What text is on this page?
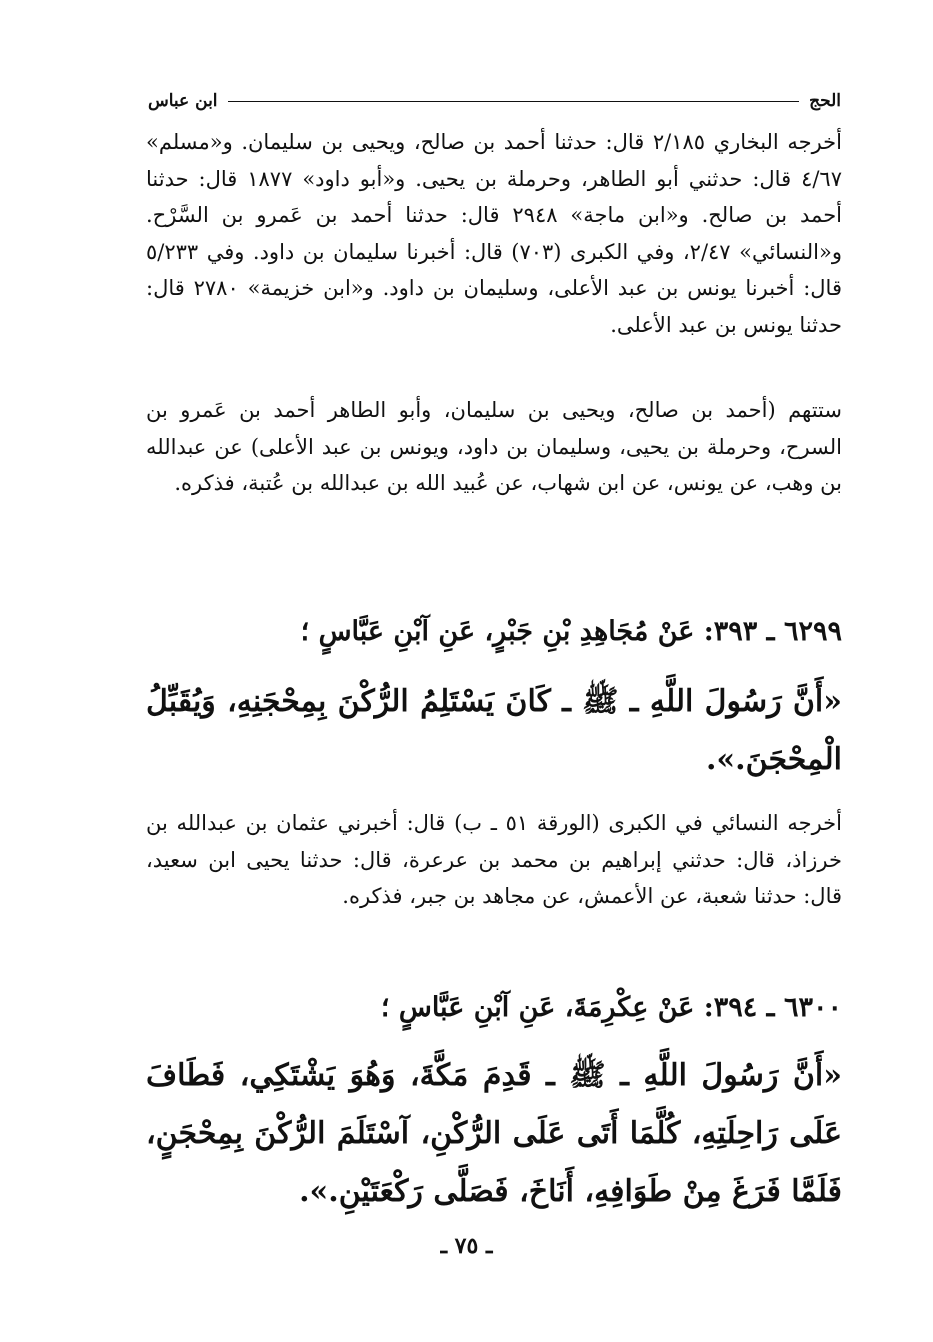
الحج
ابن عباس

أخرجه البخاري ٢/١٨٥ قال: حدثنا أحمد بن صالح، ويحيى بن سليمان. و«مسلم» ٤/٦٧ قال: حدثني أبو الطاهر، وحرملة بن يحيى. و«أبو داود» ١٨٧٧ قال: حدثنا أحمد بن صالح. و«ابن ماجة» ٢٩٤٨ قال: حدثنا أحمد بن عَمرو بن السَّرْح. و«النسائي» ٢/٤٧، وفي الكبرى (٧٠٣) قال: أخبرنا سليمان بن داود. وفي ٥/٢٣٣ قال: أخبرنا يونس بن عبد الأعلى، وسليمان بن داود. و«ابن خزيمة» ٢٧٨٠ قال: حدثنا يونس بن عبد الأعلى.

ستتهم (أحمد بن صالح، ويحيى بن سليمان، وأبو الطاهر أحمد بن عَمرو بن السرح، وحرملة بن يحيى، وسليمان بن داود، ويونس بن عبد الأعلى) عن عبدالله بن وهب، عن يونس، عن ابن شهاب، عن عُبيد الله بن عبدالله بن عُتبة، فذكره.

٦٢٩٩ ـ ٣٩٣: عَنْ مُجَاهِدِ بْنِ جَبْرٍ، عَنِ آبْنِ عَبَّاسٍ ؛

«أَنَّ رَسُولَ اللَّهِ ـ ﷺ ـ كَانَ يَسْتَلِمُ الرُّكْنَ بِمِحْجَنِهِ، وَيُقَبِّلُ الْمِحْجَنَ.».

أخرجه النسائي في الكبرى (الورقة ٥١ ـ ب) قال: أخبرني عثمان بن عبدالله بن خرزاذ، قال: حدثني إبراهيم بن محمد بن عرعرة، قال: حدثنا يحيى ابن سعيد، قال: حدثنا شعبة، عن الأعمش، عن مجاهد بن جبر، فذكره.

٦٣٠٠ ـ ٣٩٤: عَنْ عِكْرِمَةَ، عَنِ آبْنِ عَبَّاسٍ ؛

«أَنَّ رَسُولَ اللَّهِ ـ ﷺ ـ قَدِمَ مَكَّةَ، وَهُوَ يَشْتَكِي، فَطَافَ عَلَى رَاحِلَتِهِ، كُلَّمَا أَتَى عَلَى الرُّكْنِ، آسْتَلَمَ الرُّكْنَ بِمِحْجَنٍ، فَلَمَّا فَرَغَ مِنْ طَوَافِهِ، أَنَاخَ، فَصَلَّى رَكْعَتَيْنِ.».

ـ ٧٥ ـ
